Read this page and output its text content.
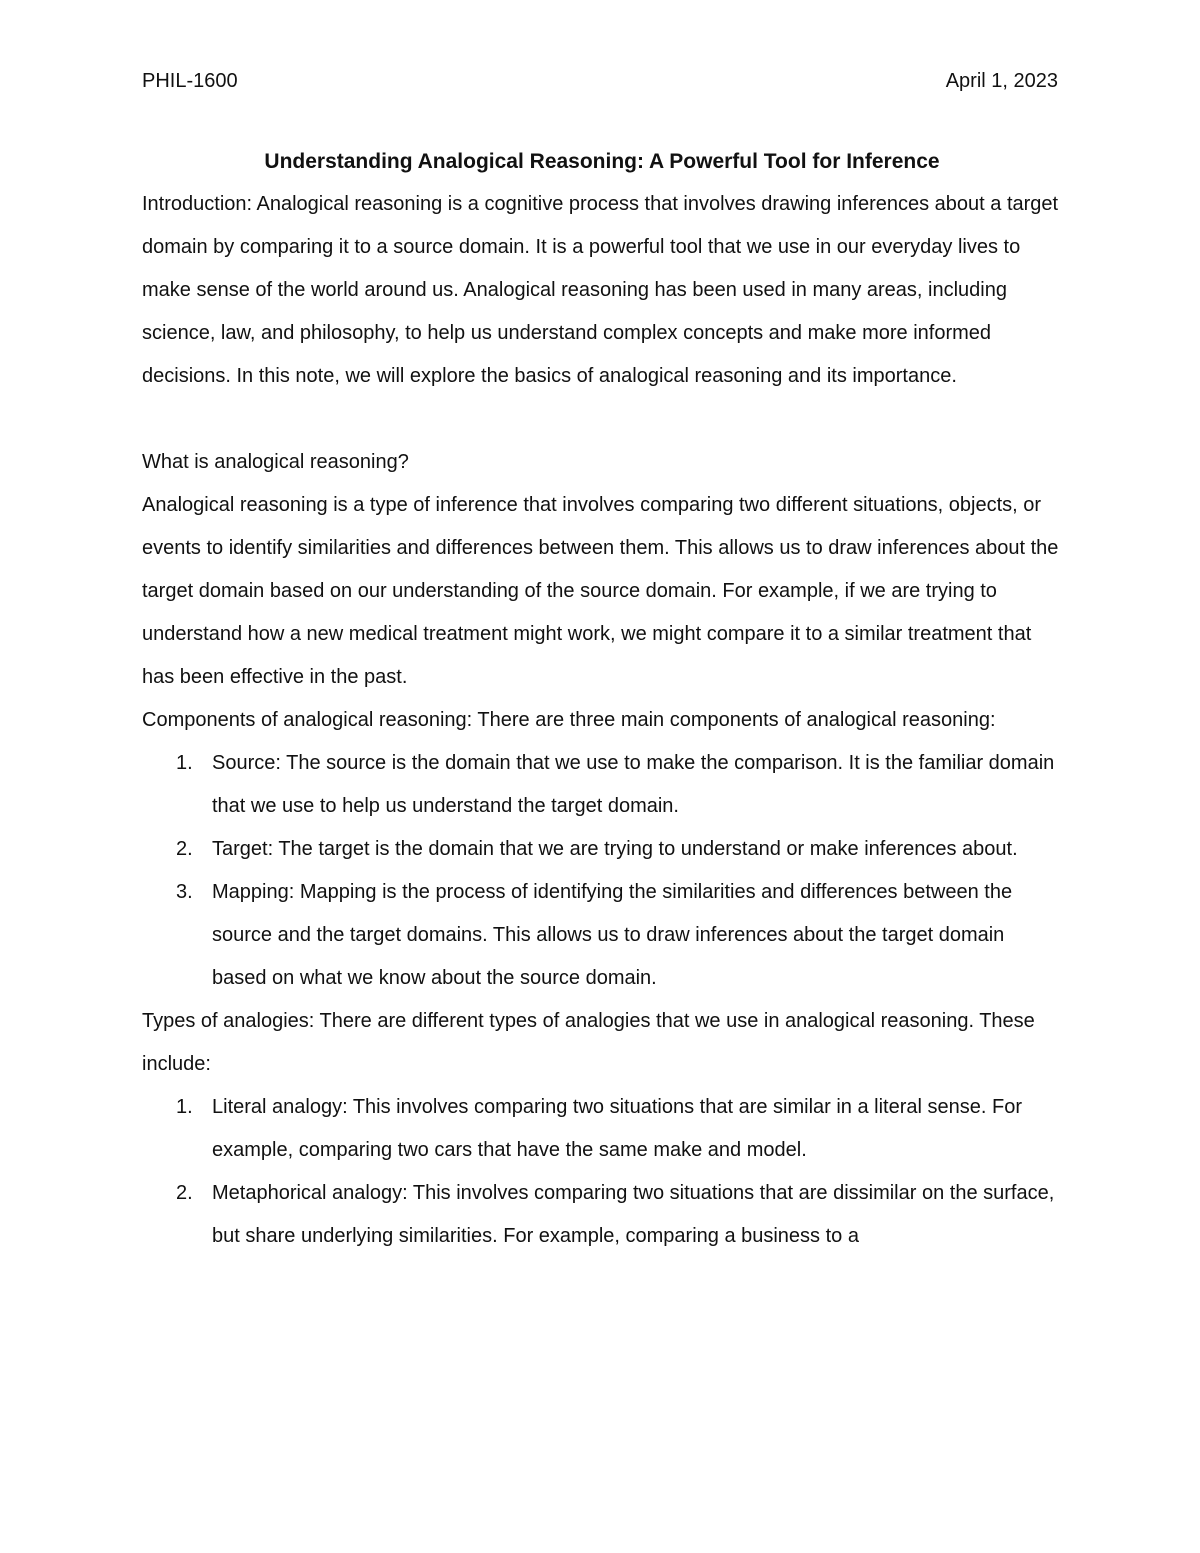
PHIL-1600	April 1, 2023

Understanding Analogical Reasoning: A Powerful Tool for Inference

Introduction: Analogical reasoning is a cognitive process that involves drawing inferences about a target domain by comparing it to a source domain. It is a powerful tool that we use in our everyday lives to make sense of the world around us. Analogical reasoning has been used in many areas, including science, law, and philosophy, to help us understand complex concepts and make more informed decisions. In this note, we will explore the basics of analogical reasoning and its importance.

What is analogical reasoning?

Analogical reasoning is a type of inference that involves comparing two different situations, objects, or events to identify similarities and differences between them. This allows us to draw inferences about the target domain based on our understanding of the source domain. For example, if we are trying to understand how a new medical treatment might work, we might compare it to a similar treatment that has been effective in the past.

Components of analogical reasoning: There are three main components of analogical reasoning:

1. Source: The source is the domain that we use to make the comparison. It is the familiar domain that we use to help us understand the target domain.
2. Target: The target is the domain that we are trying to understand or make inferences about.
3. Mapping: Mapping is the process of identifying the similarities and differences between the source and the target domains. This allows us to draw inferences about the target domain based on what we know about the source domain.

Types of analogies: There are different types of analogies that we use in analogical reasoning. These include:

1. Literal analogy: This involves comparing two situations that are similar in a literal sense. For example, comparing two cars that have the same make and model.
2. Metaphorical analogy: This involves comparing two situations that are dissimilar on the surface, but share underlying similarities. For example, comparing a business to a
